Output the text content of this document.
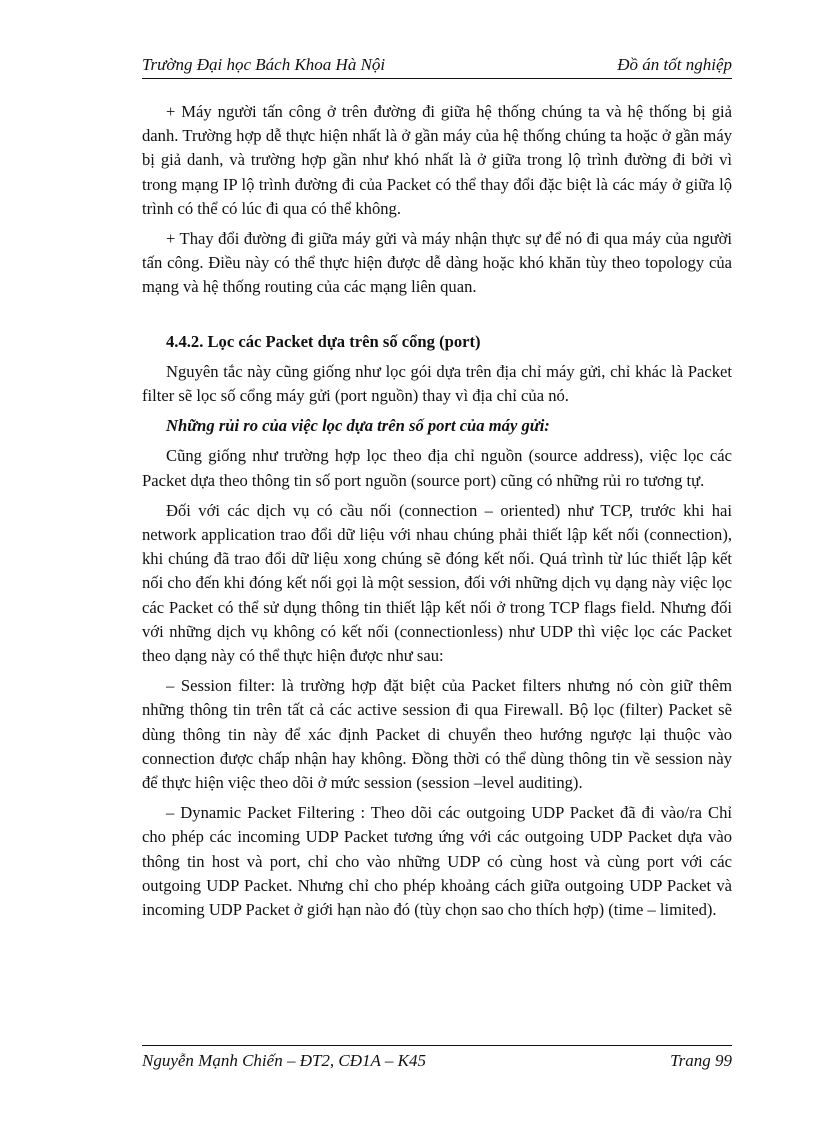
Trường Đại học Bách Khoa Hà Nội	Đồ án tốt nghiệp

+ Máy người tấn công ở trên đường đi giữa hệ thống chúng ta và hệ thống bị giả danh. Trường hợp dễ thực hiện nhất là ở gần máy của hệ thống chúng ta hoặc ở gần máy bị giả danh, và trường hợp gần như khó nhất là ở giữa trong lộ trình đường đi bởi vì trong mạng IP lộ trình đường đi của Packet có thể thay đổi đặc biệt là các máy ở giữa lộ trình có thể có lúc đi qua có thể không.

+ Thay đổi đường đi giữa máy gửi và máy nhận thực sự để nó đi qua máy của người tấn công. Điều này có thể thực hiện được dễ dàng hoặc khó khăn tùy theo topology của mạng và hệ thống routing của các mạng liên quan.

4.4.2. Lọc các Packet dựa trên số cổng (port)

Nguyên tắc này cũng giống như lọc gói dựa trên địa chỉ máy gửi, chỉ khác là Packet filter sẽ lọc số cổng máy gửi (port nguồn) thay vì địa chỉ của nó.

Những rủi ro của việc lọc dựa trên số port của máy gửi:

Cũng giống như trường hợp lọc theo địa chỉ nguồn (source address), việc lọc các Packet dựa theo thông tin số port nguồn (source port) cũng có những rủi ro tương tự.

Đối với các dịch vụ có cầu nối (connection – oriented) như TCP, trước khi hai network application trao đổi dữ liệu với nhau chúng phải thiết lập kết nối (connection), khi chúng đã trao đổi dữ liệu xong chúng sẽ đóng kết nối. Quá trình từ lúc thiết lập kết nối cho đến khi đóng kết nối gọi là một session, đối với những dịch vụ dạng này việc lọc các Packet có thể sử dụng thông tin thiết lập kết nối ở trong TCP flags field. Nhưng đối với những dịch vụ không có kết nối (connectionless) như UDP thì việc lọc các Packet theo dạng này có thể thực hiện được như sau:

– Session filter: là trường hợp đặt biệt của Packet filters nhưng nó còn giữ thêm những thông tin trên tất cả các active session đi qua Firewall. Bộ lọc (filter) Packet sẽ dùng thông tin này để xác định Packet di chuyển theo hướng ngược lại thuộc vào connection được chấp nhận hay không. Đồng thời có thể dùng thông tin về session này để thực hiện việc theo dõi ở mức session (session –level auditing).

– Dynamic Packet Filtering : Theo dõi các outgoing UDP Packet đã đi vào/ra Chỉ cho phép các incoming UDP Packet tương ứng với các outgoing UDP Packet dựa vào thông tin host và port, chỉ cho vào những UDP có cùng host và cùng port với các outgoing UDP Packet. Nhưng chỉ cho phép khoảng cách giữa outgoing UDP Packet và incoming UDP Packet ở giới hạn nào đó (tùy chọn sao cho thích hợp) (time – limited).

Nguyễn Mạnh Chiến – ĐT2, CĐ1A – K45	Trang 99
